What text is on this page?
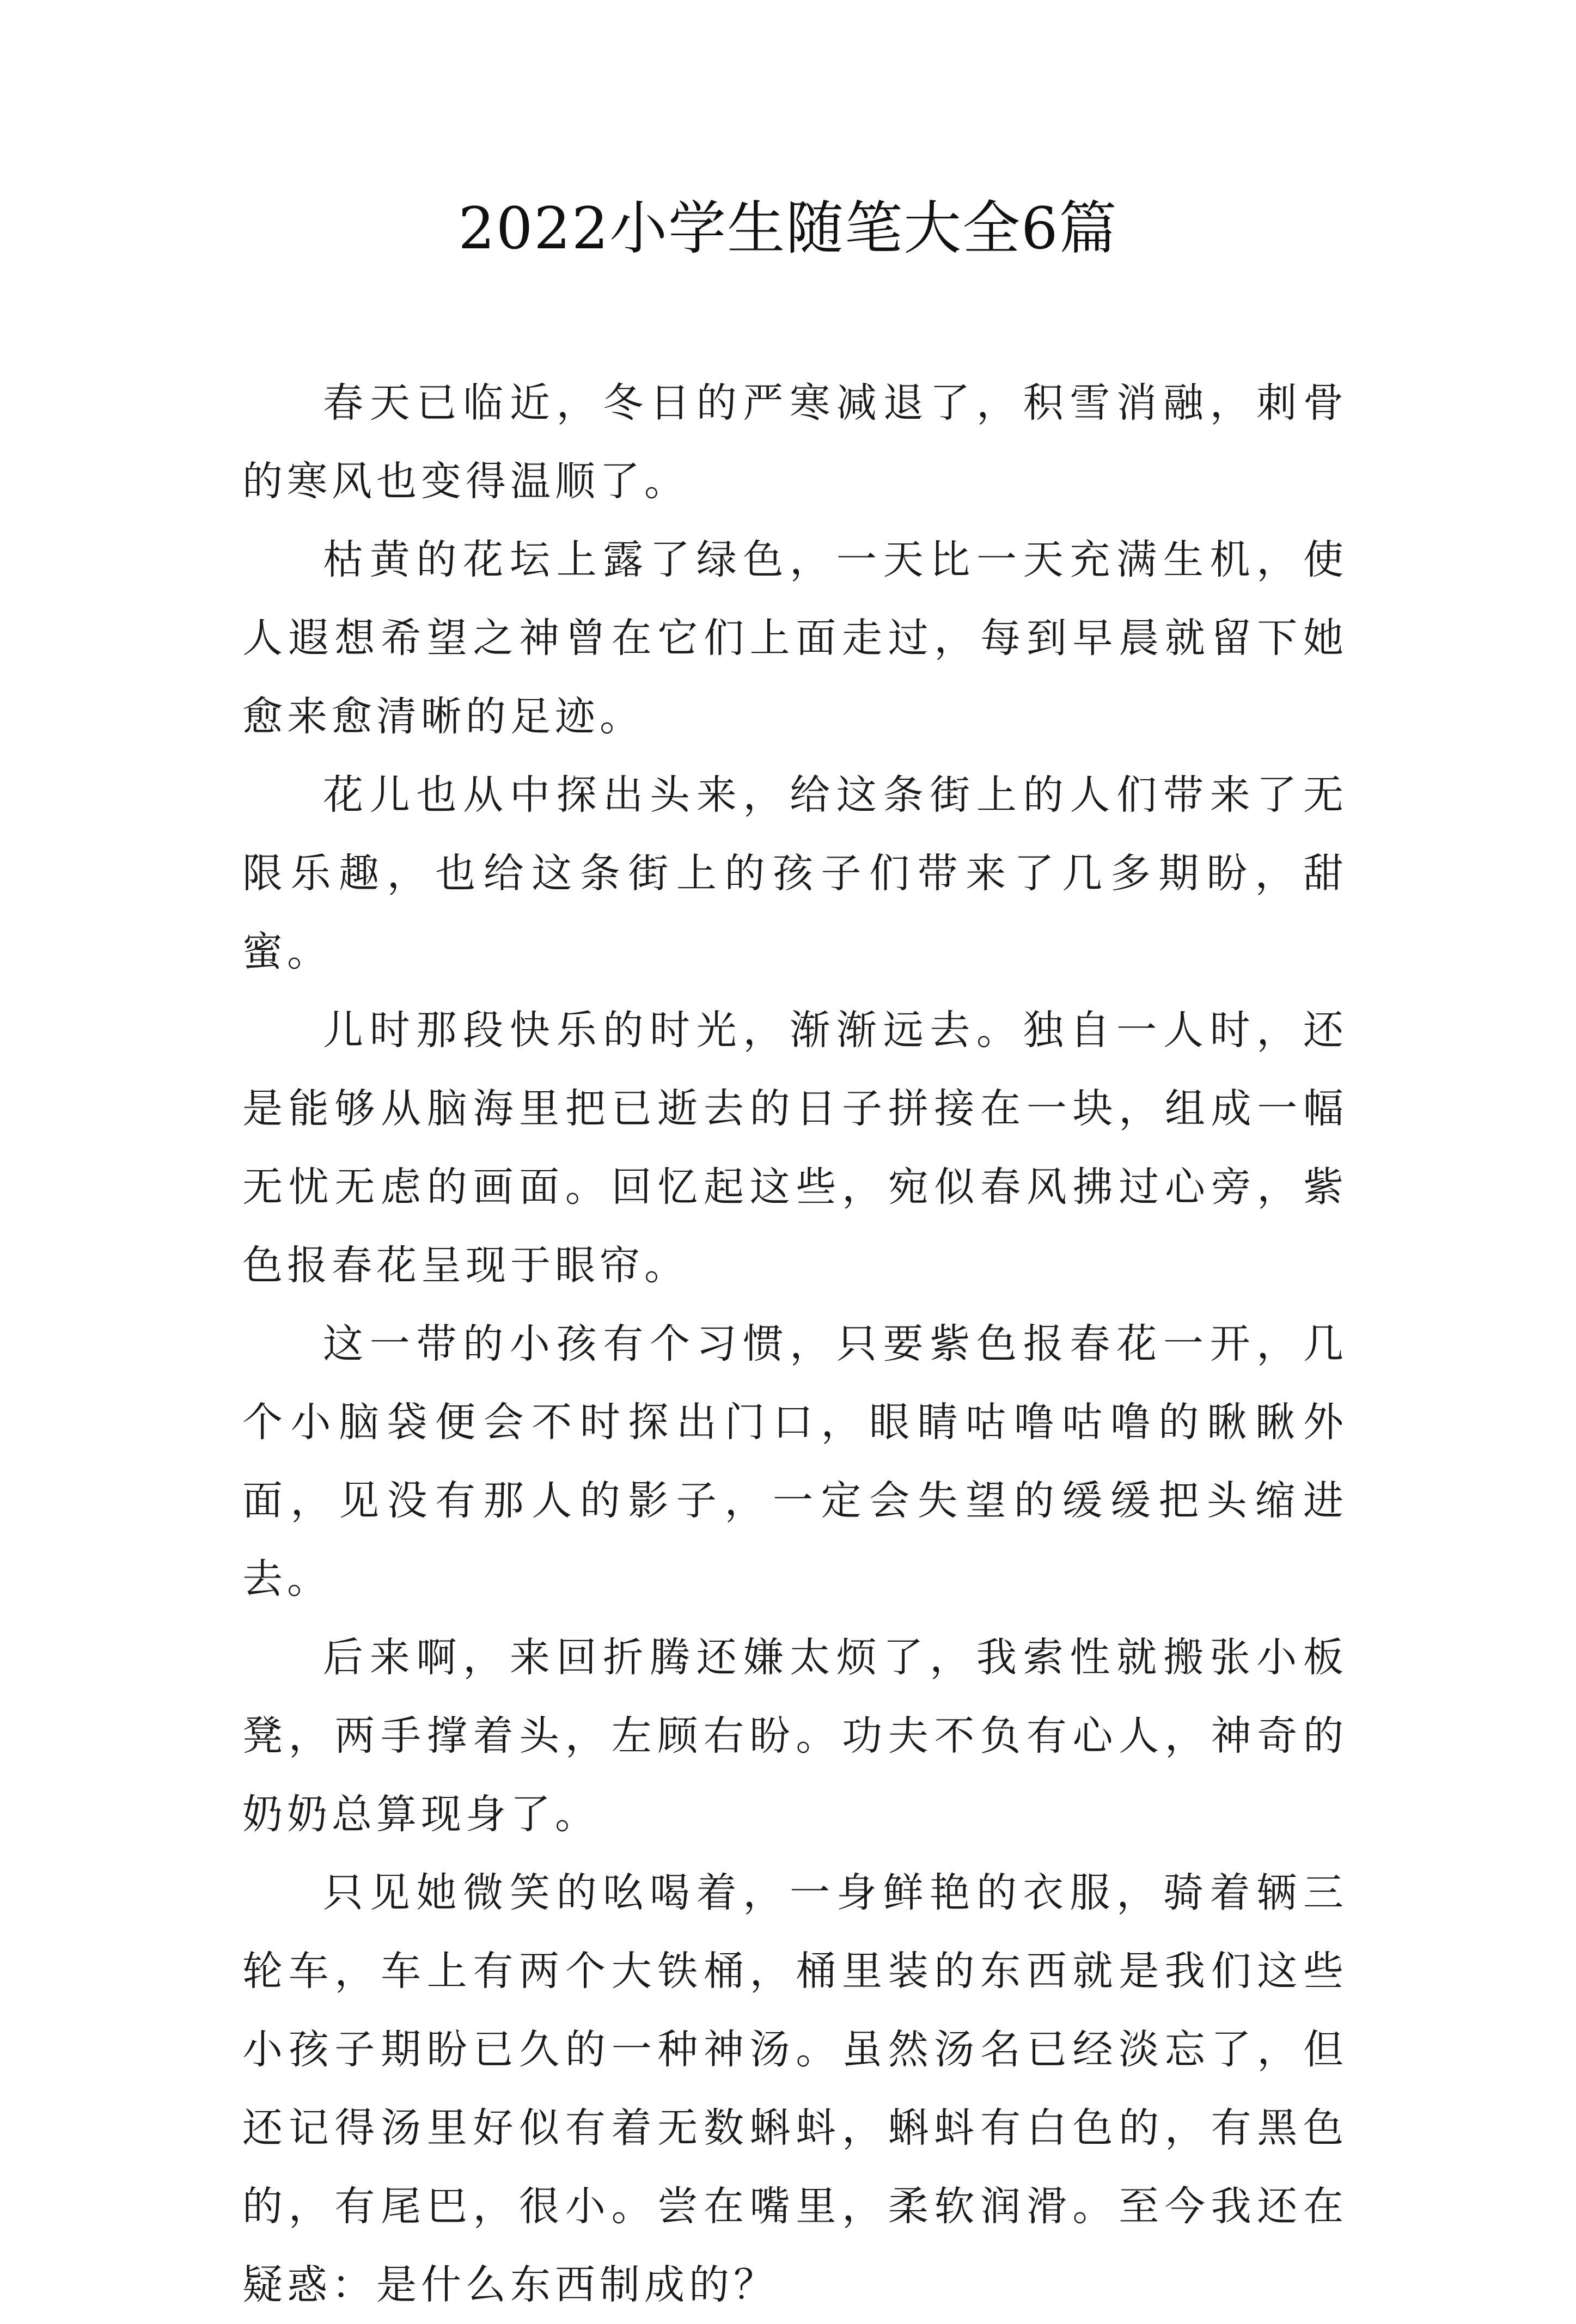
2022小学生随笔大全6篇

春天已临近，冬日的严寒减退了，积雪消融，刺骨的寒风也变得温顺了。

枯黄的花坛上露了绿色，一天比一天充满生机，使人遐想希望之神曾在它们上面走过，每到早晨就留下她愈来愈清晰的足迹。

花儿也从中探出头来，给这条街上的人们带来了无限乐趣，也给这条街上的孩子们带来了几多期盼，甜蜜。

儿时那段快乐的时光，渐渐远去。独自一人时，还是能够从脑海里把已逝去的日子拼接在一块，组成一幅无忧无虑的画面。回忆起这些，宛似春风拂过心旁，紫色报春花呈现于眼帘。

这一带的小孩有个习惯，只要紫色报春花一开，几个小脑袋便会不时探出门口，眼睛咕噜咕噜的瞅瞅外面，见没有那人的影子，一定会失望的缓缓把头缩进去。

后来啊，来回折腾还嫌太烦了，我索性就搬张小板凳，两手撑着头，左顾右盼。功夫不负有心人，神奇的奶奶总算现身了。

只见她微笑的吆喝着，一身鲜艳的衣服，骑着辆三轮车，车上有两个大铁桶，桶里装的东西就是我们这些小孩子期盼已久的一种神汤。虽然汤名已经淡忘了，但还记得汤里好似有着无数蝌蚪，蝌蚪有白色的，有黑色的，有尾巴，很小。尝在嘴里，柔软润滑。至今我还在疑惑：是什么东西制成的？
